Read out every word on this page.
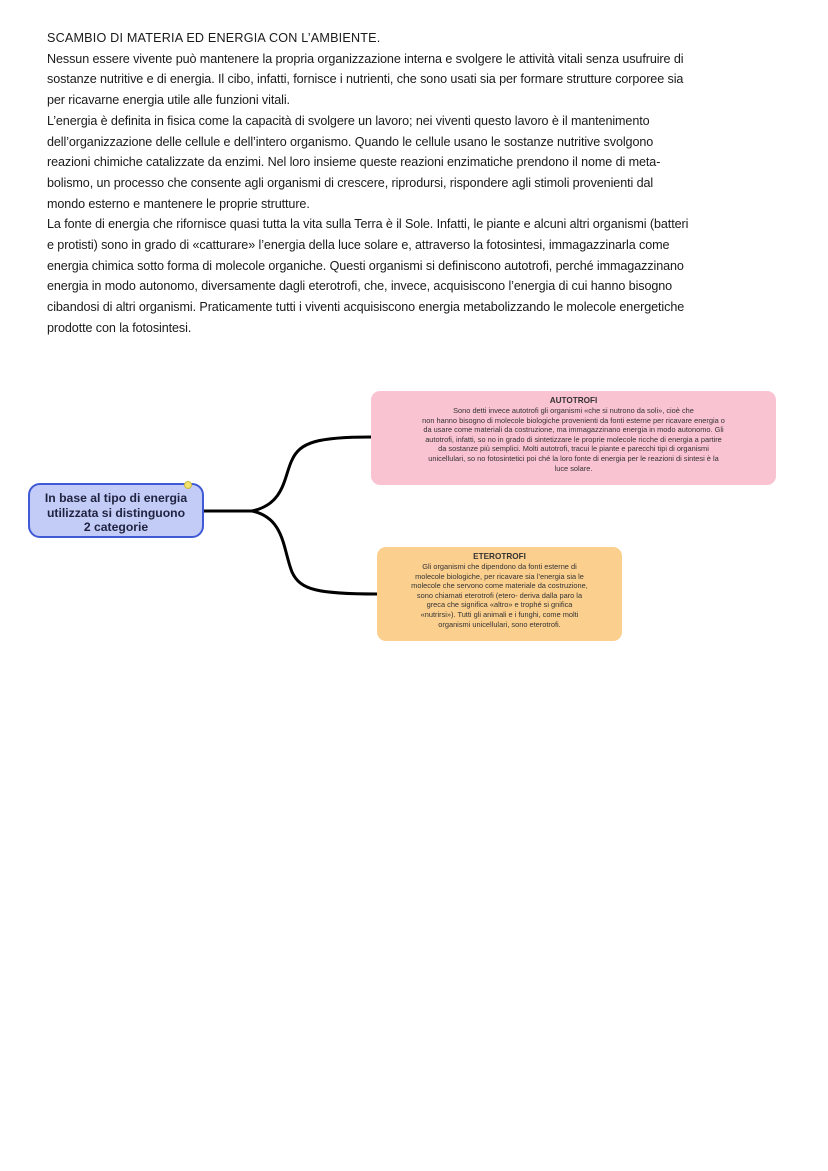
SCAMBIO DI MATERIA ED ENERGIA CON L’AMBIENTE.
Nessun essere vivente può mantenere la propria organizzazione interna e svolgere le attività vitali senza usufruire di
sostanze nutritive e di energia. Il cibo, infatti, fornisce i nutrienti, che sono usati sia per formare strutture corporee sia
per ricavarne energia utile alle funzioni vitali.
L’energia è definita in fisica come la capacità di svolgere un lavoro; nei viventi questo lavoro è il mantenimento
dell’organizzazione delle cellule e dell’intero organismo. Quando le cellule usano le sostanze nutritive svolgono
reazioni chimiche catalizzate da enzimi. Nel loro insieme queste reazioni enzimatiche prendono il nome di meta-
bolismo, un processo che consente agli organismi di crescere, riprodursi, rispondere agli stimoli provenienti dal
mondo esterno e mantenere le proprie strutture.
La fonte di energia che rifornisce quasi tutta la vita sulla Terra è il Sole. Infatti, le piante e alcuni altri organismi (batteri
e protisti) sono in grado di «catturare» l’energia della luce solare e, attraverso la fotosintesi, immagazzinarla come
energia chimica sotto forma di molecole organiche. Questi organismi si definiscono autotrofi, perché immagazzinano
energia in modo autonomo, diversamente dagli eterotrofi, che, invece, acquisiscono l’energia di cui hanno bisogno
cibandosi di altri organismi. Praticamente tutti i viventi acquisiscono energia metabolizzando le molecole energetiche
prodotte con la fotosintesi.
In base al tipo di energia
utilizzata si distinguono
2 categorie
AUTOTROFI
Sono detti invece autotrofi gli organismi «che si nutrono da soli», cioè che
non hanno bisogno di molecole biologiche provenienti da fonti esterne per ricavare energia o
da usare come materiali da costruzione, ma immagazzinano energia in modo autonomo. Gli
autotrofi, infatti, so no in grado di sintetizzare le proprie molecole ricche di energia a partire
da sostanze più semplici. Molti autotrofi, tracui le piante e parecchi tipi di organismi
unicellulari, so no fotosintetici poi ché la loro fonte di energia per le reazioni di sintesi è la
luce solare.
ETEROTROFI
Gli organismi che dipendono da fonti esterne di
molecole biologiche, per ricavare sia l’energia sia le
molecole che servono come materiale da costruzione,
sono chiamati eterotrofi (etero- deriva dalla paro la
greca che significa «altro» e trophé si gnifica
«nutrirsi»). Tutti gli animali e i funghi, come molti
organismi unicellulari, sono eterotrofi.
